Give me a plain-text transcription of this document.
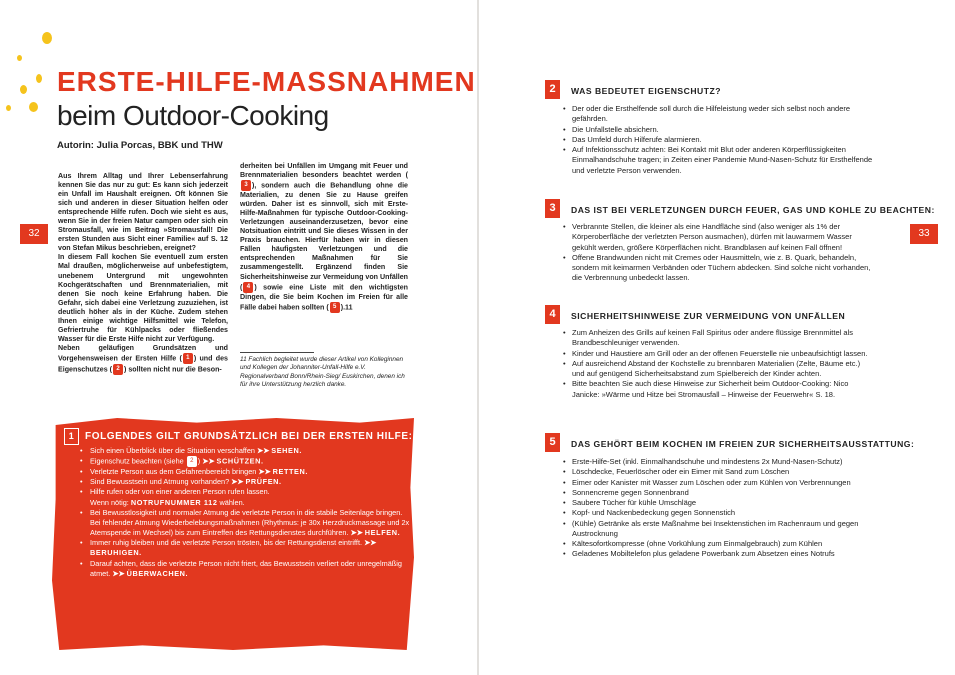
32	33
ERSTE-HILFE-MASSNAHMEN
beim Outdoor-Cooking
Autorin: Julia Porcas, BBK und THW

Aus Ihrem Alltag und Ihrer Lebenserfahrung kennen Sie das nur zu gut: Es kann sich jederzeit ein Unfall im Haushalt ereignen. Oft können Sie sich und anderen in dieser Situation helfen oder entsprechende Hilfe rufen. Doch wie sieht es aus, wenn Sie in der freien Natur campen oder sich ein Stromausfall, wie im Beitrag »Stromausfall! Die ersten Stunden aus Sicht einer Familie« auf S. 12 von Stefan Mikus beschrieben, ereignet?

In diesem Fall kochen Sie eventuell zum ersten Mal draußen, möglicherweise auf unbefestigtem, unebenem Untergrund mit ungewohnten Kochgerätschaften und Brennmaterialien, mit denen Sie noch keine Erfahrung haben. Die Gefahr, sich dabei eine Verletzung zuzuziehen, ist deutlich höher als in der Küche. Zudem stehen Ihnen einige wichtige Hilfsmittel wie Telefon, Gefriertruhe für Kühlpacks oder fließendes Wasser für die Erste Hilfe nicht zur Verfügung.

Neben geläufigen Grundsätzen und Vorgehensweisen der Ersten Hilfe ( 1 ) und des Eigenschutzes ( 2 ) sollten nicht nur die Beson-

derheiten bei Unfällen im Umgang mit Feuer und Brennmaterialien besonders beachtet werden (3 ), sondern auch die Behandlung ohne die Materialien, zu denen Sie zu Hause greifen würden. Daher ist es sinnvoll, sich mit Erste-Hilfe-Maßnahmen für typische Outdoor-Cooking-Verletzungen auseinanderzusetzen, bevor eine Notsituation eintritt und Sie dieses Wissen in der Praxis brauchen. Hierfür haben wir in diesen Fällen häufigsten Verletzungen und die entsprechenden Maßnahmen für Sie zusammengestellt. Ergänzend finden Sie Sicherheitshinweise zur Vermeidung von Unfällen ( 4 ) sowie eine Liste mit den wichtigsten Dingen, die Sie beim Kochen im Freien für alle Fälle dabei haben sollten ( 5 ).11

11 Fachlich begleitet wurde dieser Artikel von Kolleginnen und Kollegen der Johanniter-Unfall-Hilfe e.V. Regionalverband Bonn/Rhein-Sieg/ Euskirchen, denen ich für ihre Unterstützung herzlich danke.
1 FOLGENDES GILT GRUNDSÄTZLICH BEI DER ERSTEN HILFE:
• Sich einen Überblick über die Situation verschaffen ➤➤ SEHEN.
• Eigenschutz beachten (siehe 2 ) ➤➤ SCHÜTZEN.
• Verletzte Person aus dem Gefahrenbereich bringen ➤➤ RETTEN.
• Sind Bewusstsein und Atmung vorhanden? ➤➤ PRÜFEN.
• Hilfe rufen oder von einer anderen Person rufen lassen.
Wenn nötig: NOTRUFNUMMER 112 wählen.
• Bei Bewusstlosigkeit und normaler Atmung die verletzte Person in die stabile Seitenlage bringen. Bei fehlender Atmung Wiederbelebungsmaßnahmen (Rhythmus: je 30x Herzdruckmassage und 2x Atemspende im Wechsel) bis zum Eintreffen des Rettungsdienstes durchführen. ➤➤ HELFEN.
• Immer ruhig bleiben und die verletzte Person trösten, bis der Rettungsdienst eintrifft. ➤➤ BERUHIGEN.
• Darauf achten, dass die verletzte Person nicht friert, das Bewusstsein verliert oder unregelmäßig atmet. ➤➤ ÜBERWACHEN.
2	WAS BEDEUTET EIGENSCHUTZ?
• Der oder die Ersthelfende soll durch die Hilfeleistung weder sich selbst noch andere gefährden.
• Die Unfallstelle absichern.
• Das Umfeld durch Hilferufe alarmieren.
• Auf Infektionsschutz achten: Bei Kontakt mit Blut oder anderen Körperflüssigkeiten Einmalhandschuhe tragen; in Zeiten einer Pandemie Mund-Nasen-Schutz für Ersthelfende und verletzte Person verwenden.
3	DAS IST BEI VERLETZUNGEN DURCH FEUER, GAS UND KOHLE ZU BEACHTEN:
• Verbrannte Stellen, die kleiner als eine Handfläche sind (also weniger als 1% der Körperoberfläche der verletzten Person ausmachen), dürfen mit lauwarmem Wasser gekühlt werden, größere Körperflächen nicht. Brandblasen auf keinen Fall öffnen!
• Offene Brandwunden nicht mit Cremes oder Hausmitteln, wie z. B. Quark, behandeln, sondern mit keimarmen Verbänden oder Tüchern abdecken. Sind solche nicht vorhanden, die Verbrennung unbedeckt lassen.
4	SICHERHEITSHINWEISE ZUR VERMEIDUNG VON UNFÄLLEN
• Zum Anheizen des Grills auf keinen Fall Spiritus oder andere flüssige Brennmittel als Brandbeschleuniger verwenden.
• Kinder und Haustiere am Grill oder an der offenen Feuerstelle nie unbeaufsichtigt lassen.
• Auf ausreichend Abstand der Kochstelle zu brennbaren Materialien (Zelte, Bäume etc.) und auf genügend Sicherheitsabstand zum Spielbereich der Kinder achten.
• Bitte beachten Sie auch diese Hinweise zur Sicherheit beim Outdoor-Cooking: Nico Janicke: »Wärme und Hitze bei Stromausfall – Hinweise der Feuerwehr« S. 18.
5	DAS GEHÖRT BEIM KOCHEN IM FREIEN ZUR SICHERHEITSAUSSTATTUNG:
• Erste-Hilfe-Set (inkl. Einmalhandschuhe und mindestens 2x Mund-Nasen-Schutz)
• Löschdecke, Feuerlöscher oder ein Eimer mit Sand zum Löschen
• Eimer oder Kanister mit Wasser zum Löschen oder zum Kühlen von Verbrennungen
• Sonnencreme gegen Sonnenbrand
• Saubere Tücher für kühle Umschläge
• Kopf- und Nackenbedeckung gegen Sonnenstich
• (Kühle) Getränke als erste Maßnahme bei Insektenstichen im Rachenraum und gegen Austrocknung
• Kältesofortkompresse (ohne Vorkühlung zum Einmalgebrauch) zum Kühlen
• Geladenes Mobiltelefon plus geladene Powerbank zum Absetzen eines Notrufs
